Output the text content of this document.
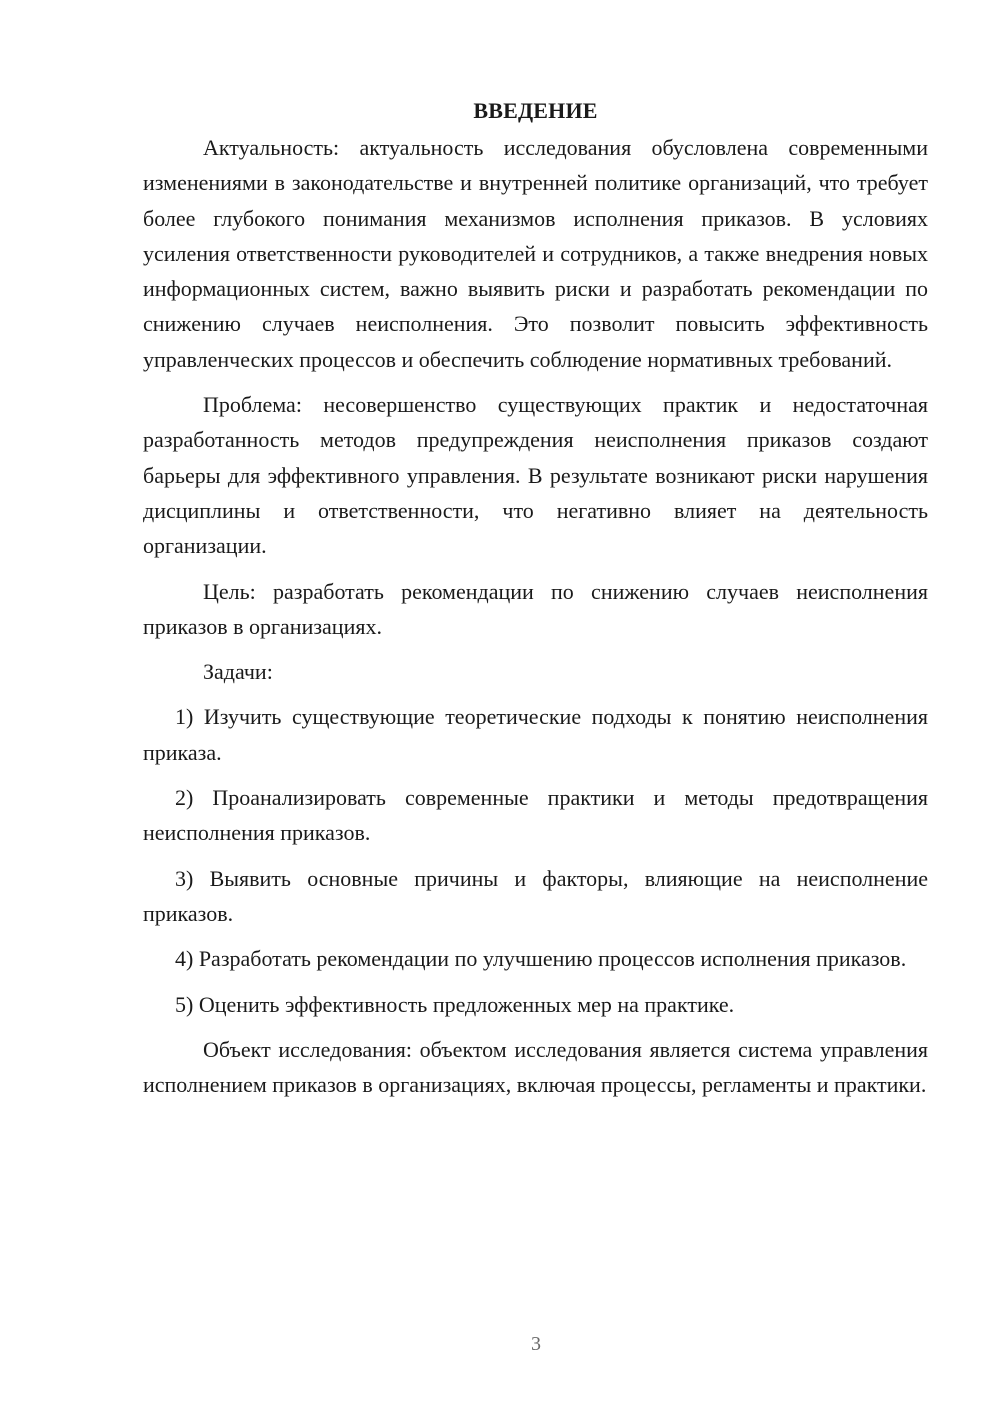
ВВЕДЕНИЕ

Актуальность: актуальность исследования обусловлена современными изменениями в законодательстве и внутренней политике организаций, что требует более глубокого понимания механизмов исполнения приказов. В условиях усиления ответственности руководителей и сотрудников, а также внедрения новых информационных систем, важно выявить риски и разработать рекомендации по снижению случаев неисполнения. Это позволит повысить эффективность управленческих процессов и обеспечить соблюдение нормативных требований.

Проблема: несовершенство существующих практик и недостаточная разработанность методов предупреждения неисполнения приказов создают барьеры для эффективного управления. В результате возникают риски нарушения дисциплины и ответственности, что негативно влияет на деятельность организации.

Цель: разработать рекомендации по снижению случаев неисполнения приказов в организациях.

Задачи:

1) Изучить существующие теоретические подходы к понятию неисполнения приказа.

2) Проанализировать современные практики и методы предотвращения неисполнения приказов.

3) Выявить основные причины и факторы, влияющие на неисполнение приказов.

4) Разработать рекомендации по улучшению процессов исполнения приказов.

5) Оценить эффективность предложенных мер на практике.

Объект исследования: объектом исследования является система управления исполнением приказов в организациях, включая процессы, регламенты и практики.

3
